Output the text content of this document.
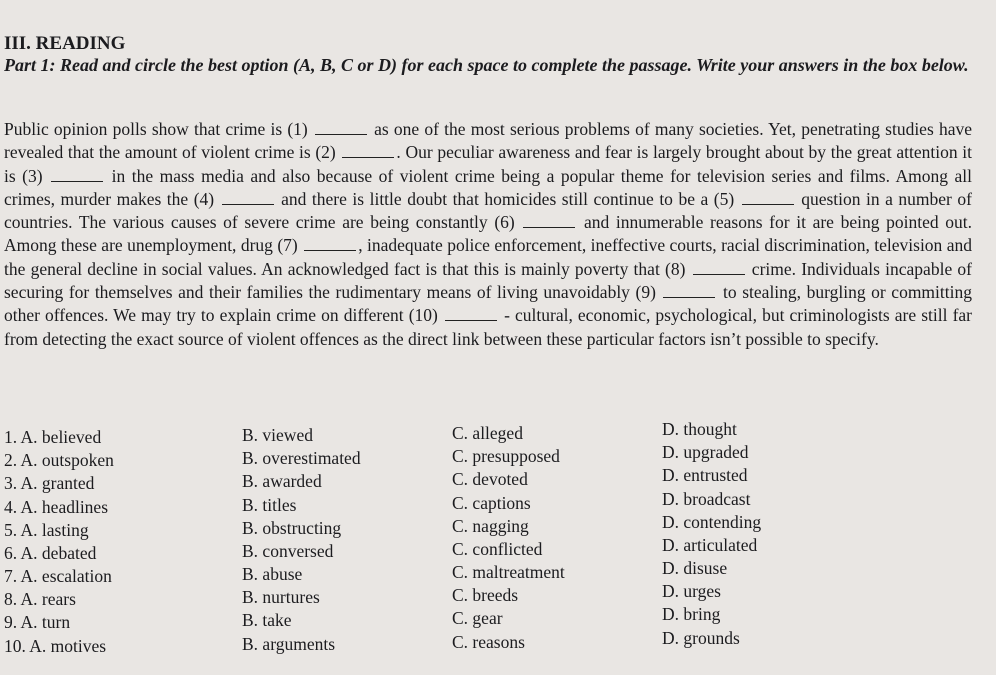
III. READING
Part 1: Read and circle the best option (A, B, C or D) for each space to complete the passage. Write your answers in the box below.

Public opinion polls show that crime is (1)	as one of the most serious problems of many societies. Yet, penetrating studies have revealed that the amount of violent crime is (2)	. Our peculiar awareness and fear is largely brought about by the great attention it is (3)	in the mass media and also because of violent crime being a popular theme for television series and films. Among all crimes, murder makes the (4)	and there is little doubt that homicides still continue to be a (5)	question in a number of countries. The various causes of severe crime are being constantly (6)	and innumerable reasons for it are being pointed out. Among these are unemployment, drug (7)	, inadequate police enforcement, ineffective courts, racial discrimination, television and the general decline in social values. An acknowledged fact is that this is mainly poverty that (8)	crime. Individuals incapable of securing for themselves and their families the rudimentary means of living unavoidably (9)	to stealing, burgling or committing other offences. We may try to explain crime on different (10)	- cultural, economic, psychological, but criminologists are still far from detecting the exact source of violent offences as the direct link between these particular factors isn’t possible to specify.

1. A. believed	B. viewed	C. alleged	D. thought
2. A. outspoken	B. overestimated	C. presupposed	D. upgraded
3. A. granted	B. awarded	C. devoted	D. entrusted
4. A. headlines	B. titles	C. captions	D. broadcast
5. A. lasting	B. obstructing	C. nagging	D. contending
6. A. debated	B. conversed	C. conflicted	D. articulated
7. A. escalation	B. abuse	C. maltreatment	D. disuse
8. A. rears	B. nurtures	C. breeds	D. urges
9. A. turn	B. take	C. gear	D. bring
10. A. motives	B. arguments	C. reasons	D. grounds
